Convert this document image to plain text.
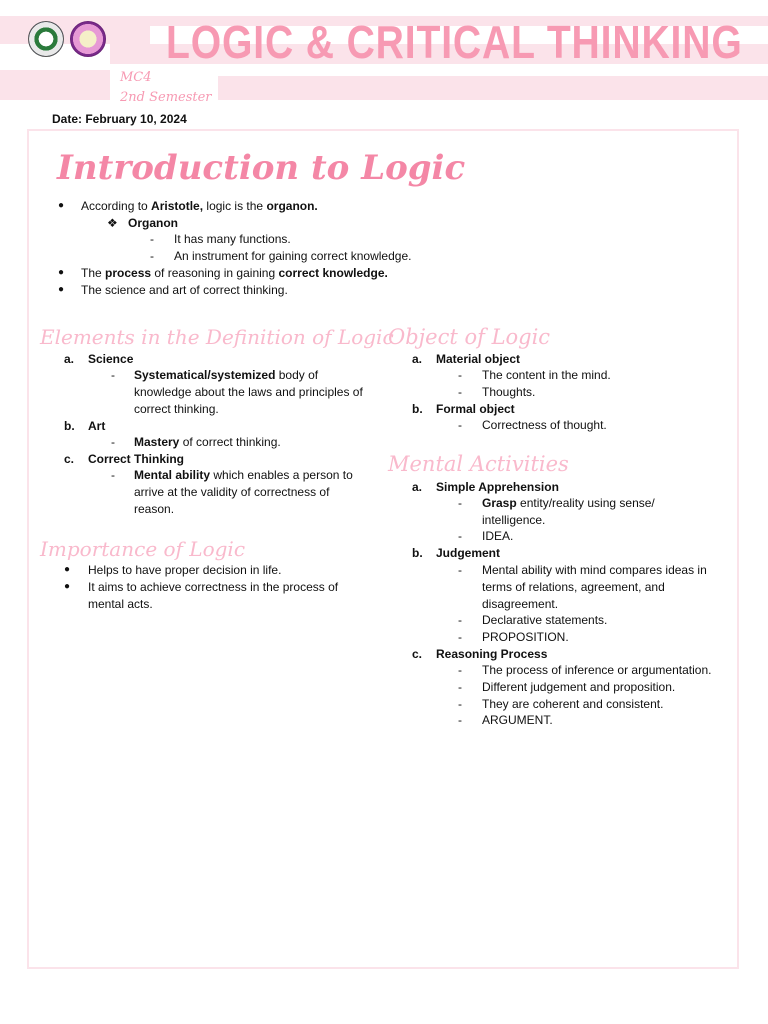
LOGIC & CRITICAL THINKING
MC4
2nd Semester
Date: February 10, 2024
Introduction to Logic
● According to Aristotle, logic is the organon.
❖ Organon
- It has many functions.
- An instrument for gaining correct knowledge.
● The process of reasoning in gaining correct knowledge.
● The science and art of correct thinking.
Elements in the Definition of Logic
a. Science
- Systematical/systemized body of
knowledge about the laws and principles of
correct thinking.
b. Art
- Mastery of correct thinking.
c. Correct Thinking
- Mental ability which enables a person to
arrive at the validity of correctness of
reason.
Importance of Logic
● Helps to have proper decision in life.
● It aims to achieve correctness in the process of
mental acts.
Object of Logic
a. Material object
- The content in the mind.
- Thoughts.
b. Formal object
- Correctness of thought.
Mental Activities
a. Simple Apprehension
- Grasp entity/reality using sense/
intelligence.
- IDEA.
b. Judgement
- Mental ability with mind compares ideas in
terms of relations, agreement, and
disagreement.
- Declarative statements.
- PROPOSITION.
c. Reasoning Process
- The process of inference or argumentation.
- Different judgement and proposition.
- They are coherent and consistent.
- ARGUMENT.
